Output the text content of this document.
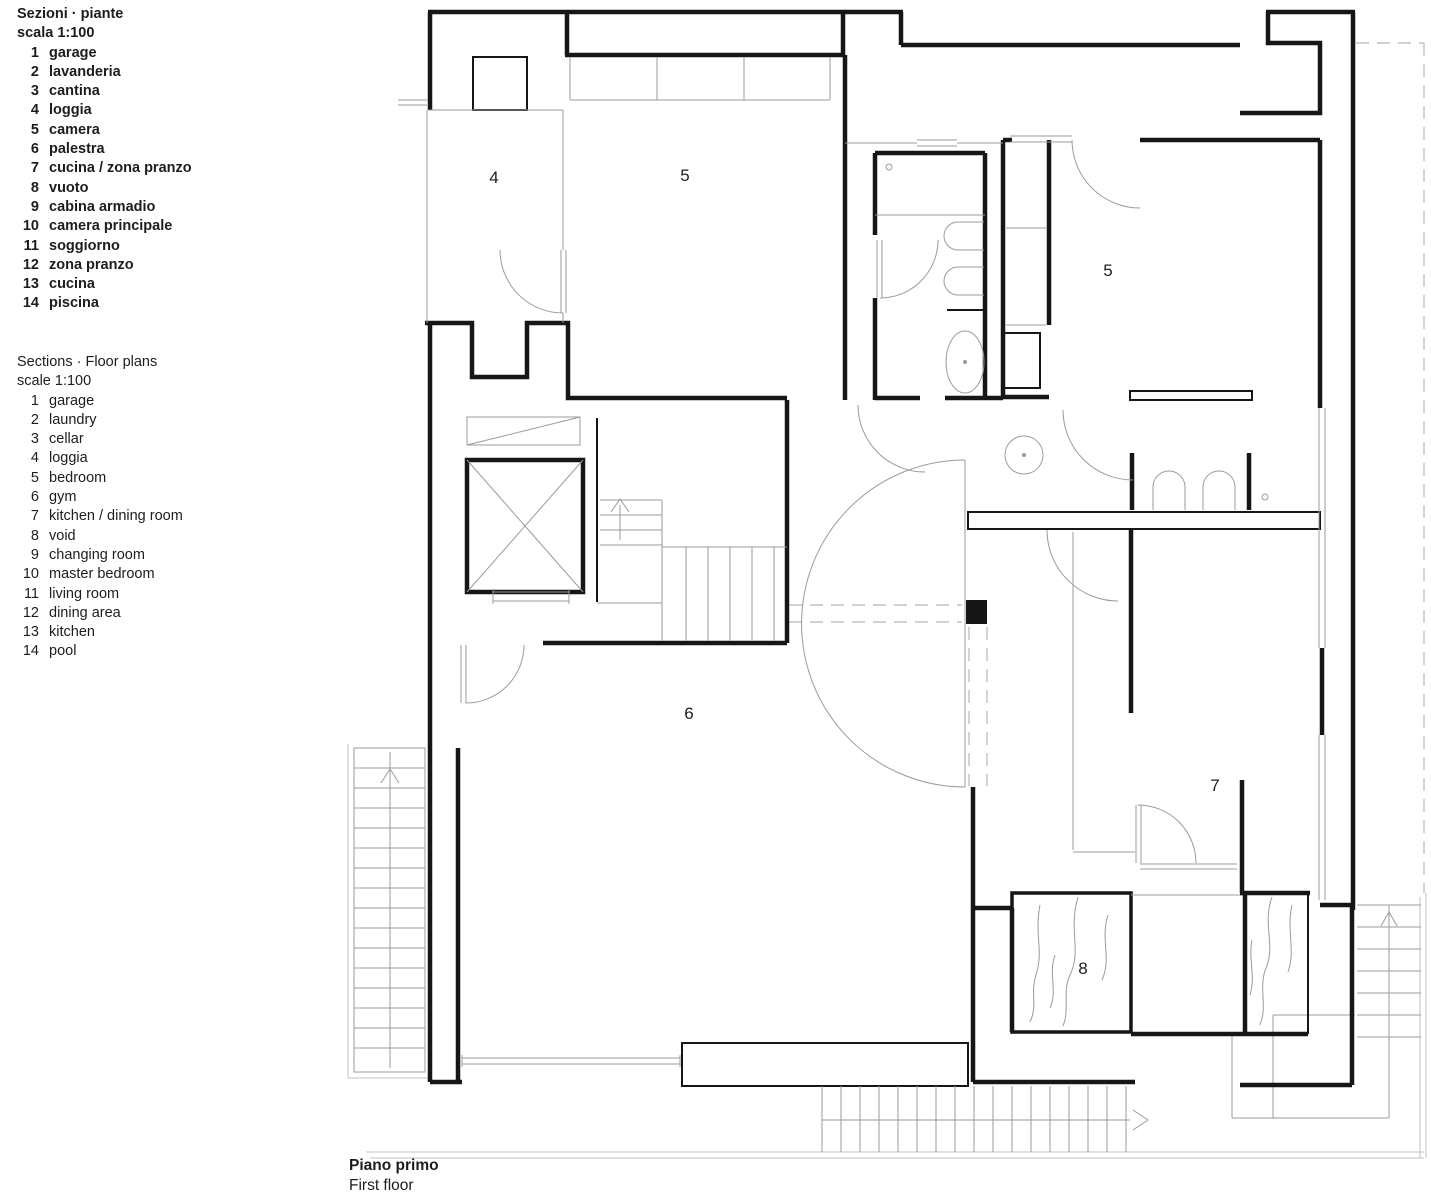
Sezioni · piante
scala 1:100
1 garage
2 lavanderia
3 cantina
4 loggia
5 camera
6 palestra
7 cucina / zona pranzo
8 vuoto
9 cabina armadio
10 camera principale
11 soggiorno
12 zona pranzo
13 cucina
14 piscina
Sections · Floor plans
scale 1:100
1 garage
2 laundry
3 cellar
4 loggia
5 bedroom
6 gym
7 kitchen / dining room
8 void
9 changing room
10 master bedroom
11 living room
12 dining area
13 kitchen
14 pool
Piano primo
First floor
4	5
5
6
7
8
